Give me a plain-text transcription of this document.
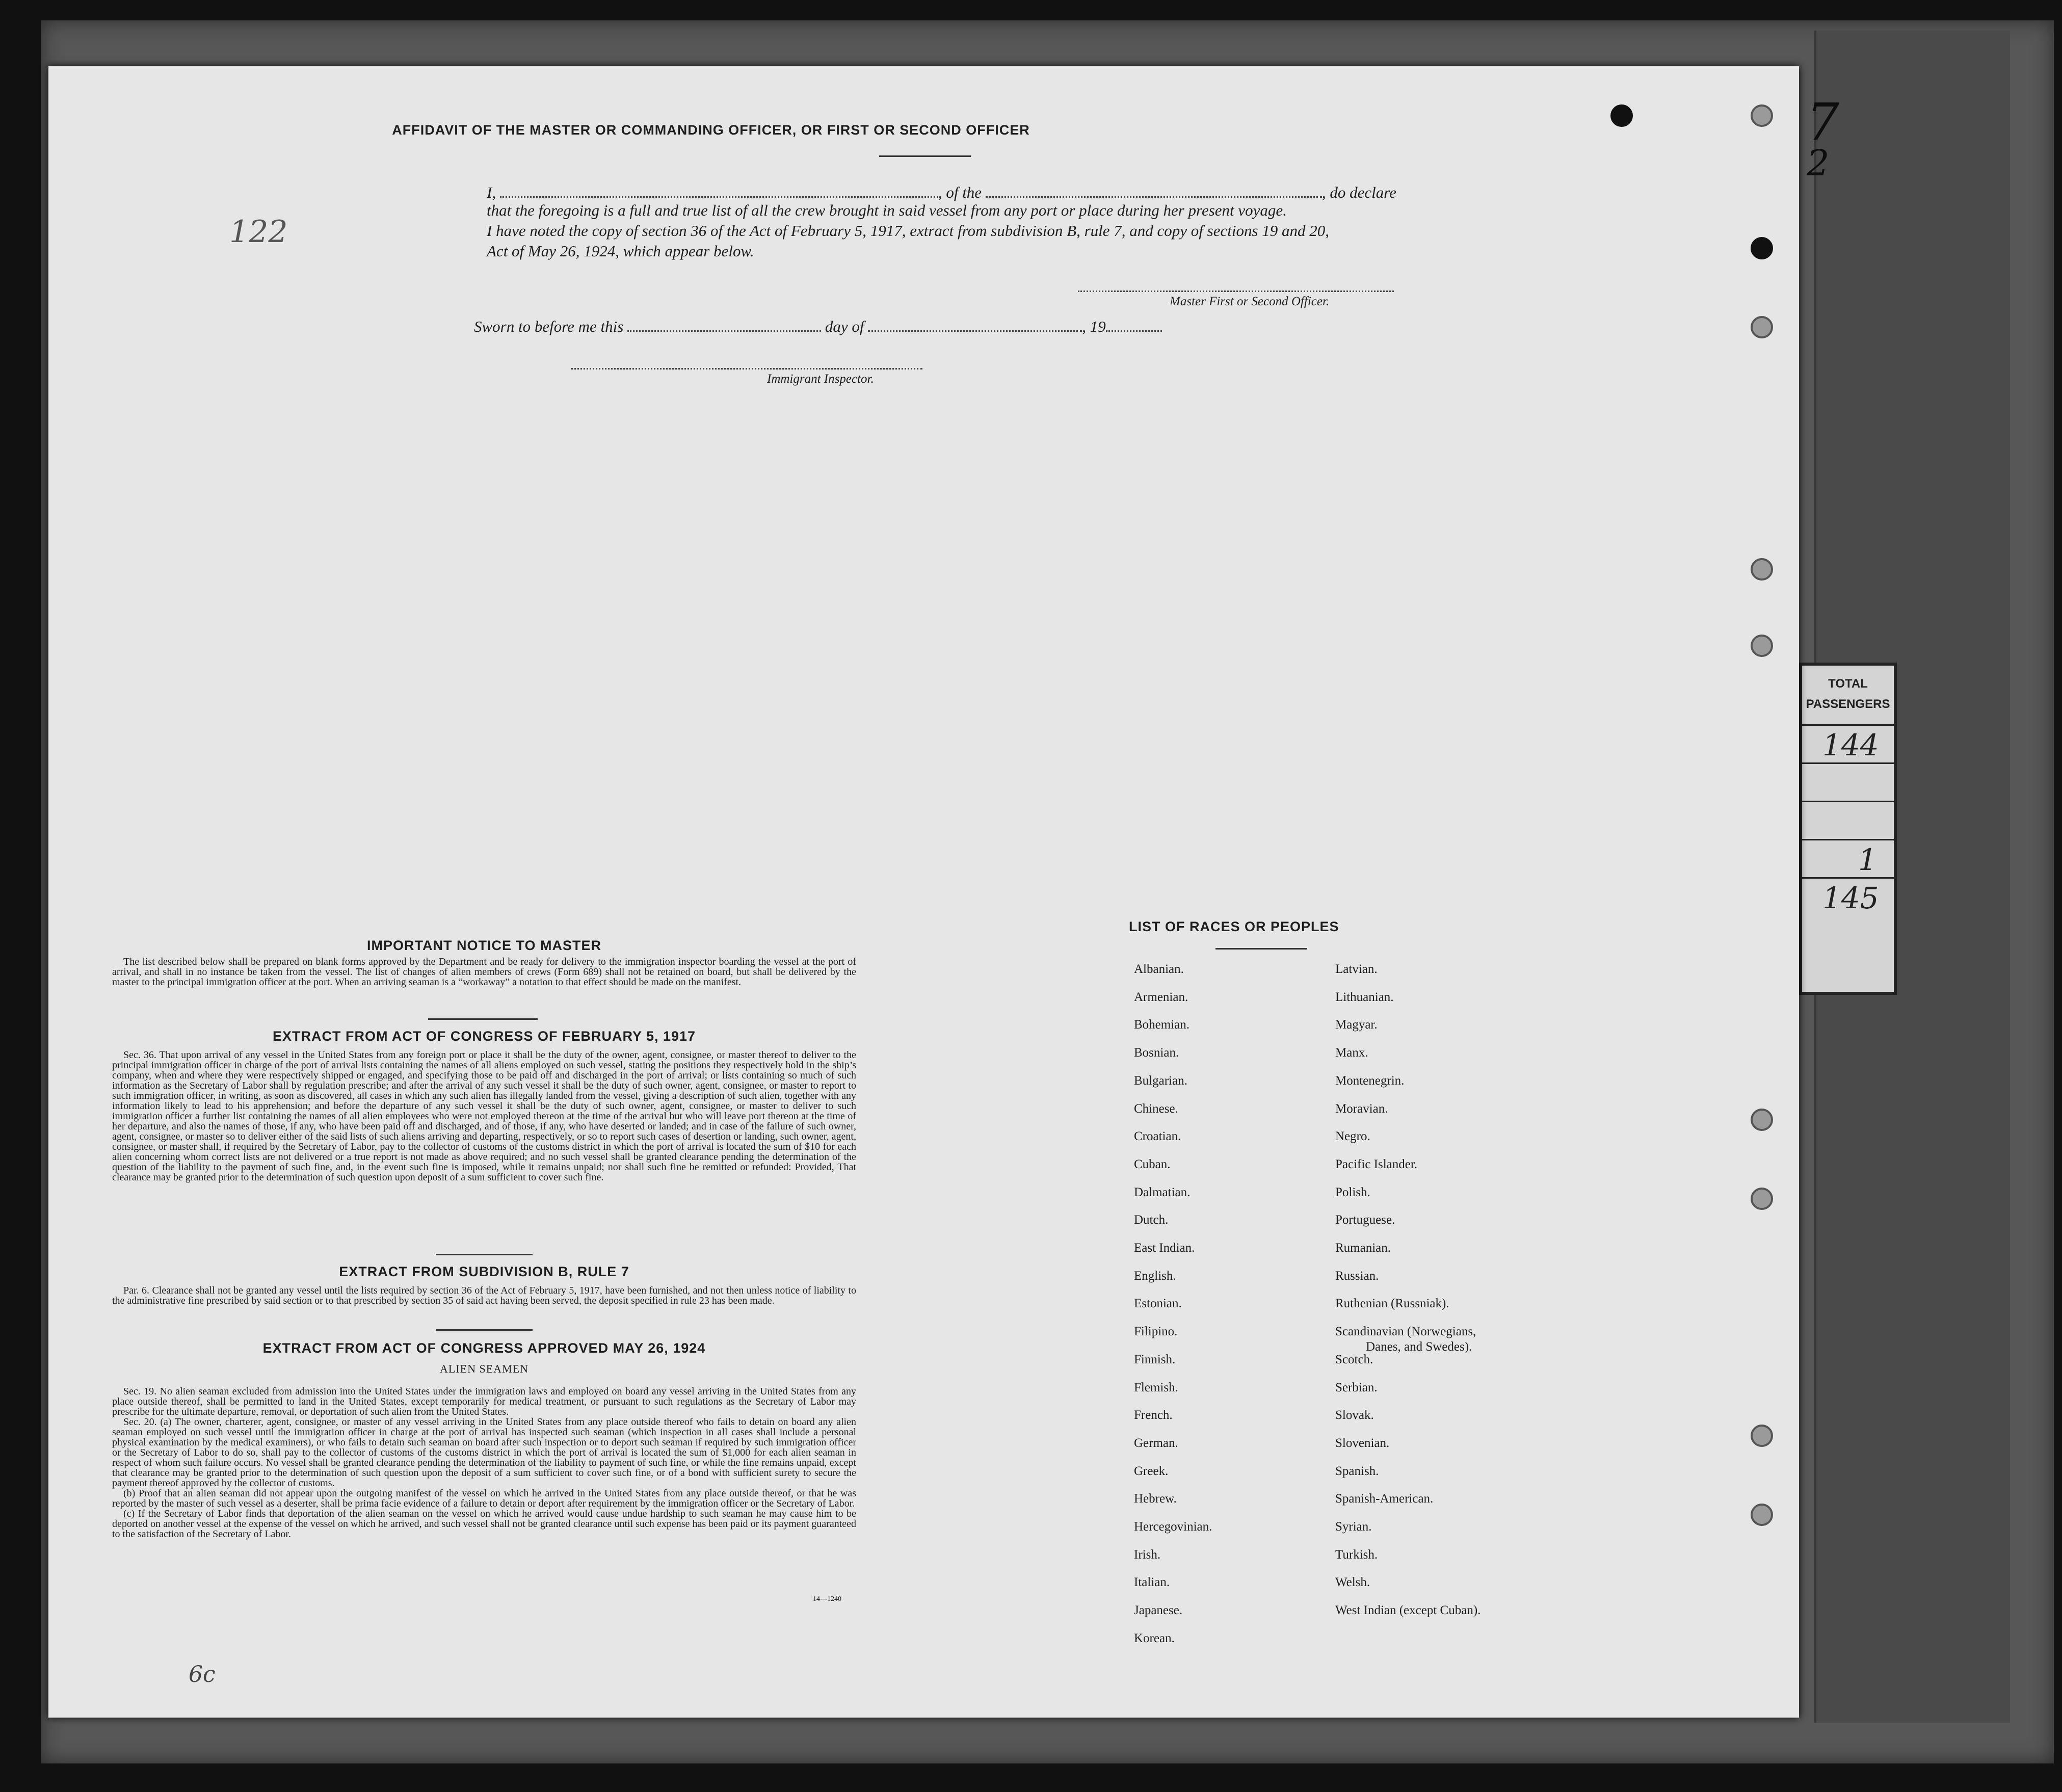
7
2
TOTAL
PASSENGERS
144
1
145
122
AFFIDAVIT OF THE MASTER OR COMMANDING OFFICER, OR FIRST OR SECOND OFFICER
I,	, of the	, do declare
that the foregoing is a full and true list of all the crew brought in said vessel from any port or place during her present voyage.
I have noted the copy of section 36 of the Act of February 5, 1917, extract from subdivision B, rule 7, and copy of sections 19 and 20,
Act of May 26, 1924, which appear below.
Master First or Second Officer.
Sworn to before me this	day of	, 19
Immigrant Inspector.
IMPORTANT NOTICE TO MASTER

The list described below shall be prepared on blank forms approved by the Department and be ready for delivery to the immigration inspector boarding the vessel at the port of arrival, and shall in no instance be taken from the vessel. The list of changes of alien members of crews (Form 689) shall not be retained on board, but shall be delivered by the master to the principal immigration officer at the port. When an arriving seaman is a “workaway” a notation to that effect should be made on the manifest.

EXTRACT FROM ACT OF CONGRESS OF FEBRUARY 5, 1917

Sec. 36. That upon arrival of any vessel in the United States from any foreign port or place it shall be the duty of the owner, agent, consignee, or master thereof to deliver to the principal immigration officer in charge of the port of arrival lists containing the names of all aliens employed on such vessel, stating the positions they respectively hold in the ship’s company, when and where they were respectively shipped or engaged, and specifying those to be paid off and discharged in the port of arrival; or lists containing so much of such information as the Secretary of Labor shall by regulation prescribe; and after the arrival of any such vessel it shall be the duty of such owner, agent, consignee, or master to report to such immigration officer, in writing, as soon as discovered, all cases in which any such alien has illegally landed from the vessel, giving a description of such alien, together with any information likely to lead to his apprehension; and before the departure of any such vessel it shall be the duty of such owner, agent, consignee, or master to deliver to such immigration officer a further list containing the names of all alien employees who were not employed thereon at the time of the arrival but who will leave port thereon at the time of her departure, and also the names of those, if any, who have been paid off and discharged, and of those, if any, who have deserted or landed; and in case of the failure of such owner, agent, consignee, or master so to deliver either of the said lists of such aliens arriving and departing, respectively, or so to report such cases of desertion or landing, such owner, agent, consignee, or master shall, if required by the Secretary of Labor, pay to the collector of customs of the customs district in which the port of arrival is located the sum of $10 for each alien concerning whom correct lists are not delivered or a true report is not made as above required; and no such vessel shall be granted clearance pending the determination of the question of the liability to the payment of such fine, and, in the event such fine is imposed, while it remains unpaid; nor shall such fine be remitted or refunded: Provided, That clearance may be granted prior to the determination of such question upon deposit of a sum sufficient to cover such fine.

EXTRACT FROM SUBDIVISION B, RULE 7

Par. 6. Clearance shall not be granted any vessel until the lists required by section 36 of the Act of February 5, 1917, have been furnished, and not then unless notice of liability to the administrative fine prescribed by said section or to that prescribed by section 35 of said act having been served, the deposit specified in rule 23 has been made.

EXTRACT FROM ACT OF CONGRESS APPROVED MAY 26, 1924
ALIEN SEAMEN

Sec. 19. No alien seaman excluded from admission into the United States under the immigration laws and employed on board any vessel arriving in the United States from any place outside thereof, shall be permitted to land in the United States, except temporarily for medical treatment, or pursuant to such regulations as the Secretary of Labor may prescribe for the ultimate departure, removal, or deportation of such alien from the United States.

Sec. 20. (a) The owner, charterer, agent, consignee, or master of any vessel arriving in the United States from any place outside thereof who fails to detain on board any alien seaman employed on such vessel until the immigration officer in charge at the port of arrival has inspected such seaman (which inspection in all cases shall include a personal physical examination by the medical examiners), or who fails to detain such seaman on board after such inspection or to deport such seaman if required by such immigration officer or the Secretary of Labor to do so, shall pay to the collector of customs of the customs district in which the port of arrival is located the sum of $1,000 for each alien seaman in respect of whom such failure occurs. No vessel shall be granted clearance pending the determination of the liability to payment of such fine, or while the fine remains unpaid, except that clearance may be granted prior to the determination of such question upon the deposit of a sum sufficient to cover such fine, or of a bond with sufficient surety to secure the payment thereof approved by the collector of customs.

(b) Proof that an alien seaman did not appear upon the outgoing manifest of the vessel on which he arrived in the United States from any place outside thereof, or that he was reported by the master of such vessel as a deserter, shall be prima facie evidence of a failure to detain or deport after requirement by the immigration officer or the Secretary of Labor.

(c) If the Secretary of Labor finds that deportation of the alien seaman on the vessel on which he arrived would cause undue hardship to such seaman he may cause him to be deported on another vessel at the expense of the vessel on which he arrived, and such vessel shall not be granted clearance until such expense has been paid or its payment guaranteed to the satisfaction of the Secretary of Labor.

14—1240
6c
LIST OF RACES OR PEOPLES
Albanian.
Armenian.
Bohemian.
Bosnian.
Bulgarian.
Chinese.
Croatian.
Cuban.
Dalmatian.
Dutch.
East Indian.
English.
Estonian.
Filipino.
Finnish.
Flemish.
French.
German.
Greek.
Hebrew.
Hercegovinian.
Irish.
Italian.
Japanese.
Korean.
Latvian.
Lithuanian.
Magyar.
Manx.
Montenegrin.
Moravian.
Negro.
Pacific Islander.
Polish.
Portuguese.
Rumanian.
Russian.
Ruthenian (Russniak).
Scandinavian (Norwegians,
Danes, and Swedes).
Scotch.
Serbian.
Slovak.
Slovenian.
Spanish.
Spanish-American.
Syrian.
Turkish.
Welsh.
West Indian (except Cuban).
